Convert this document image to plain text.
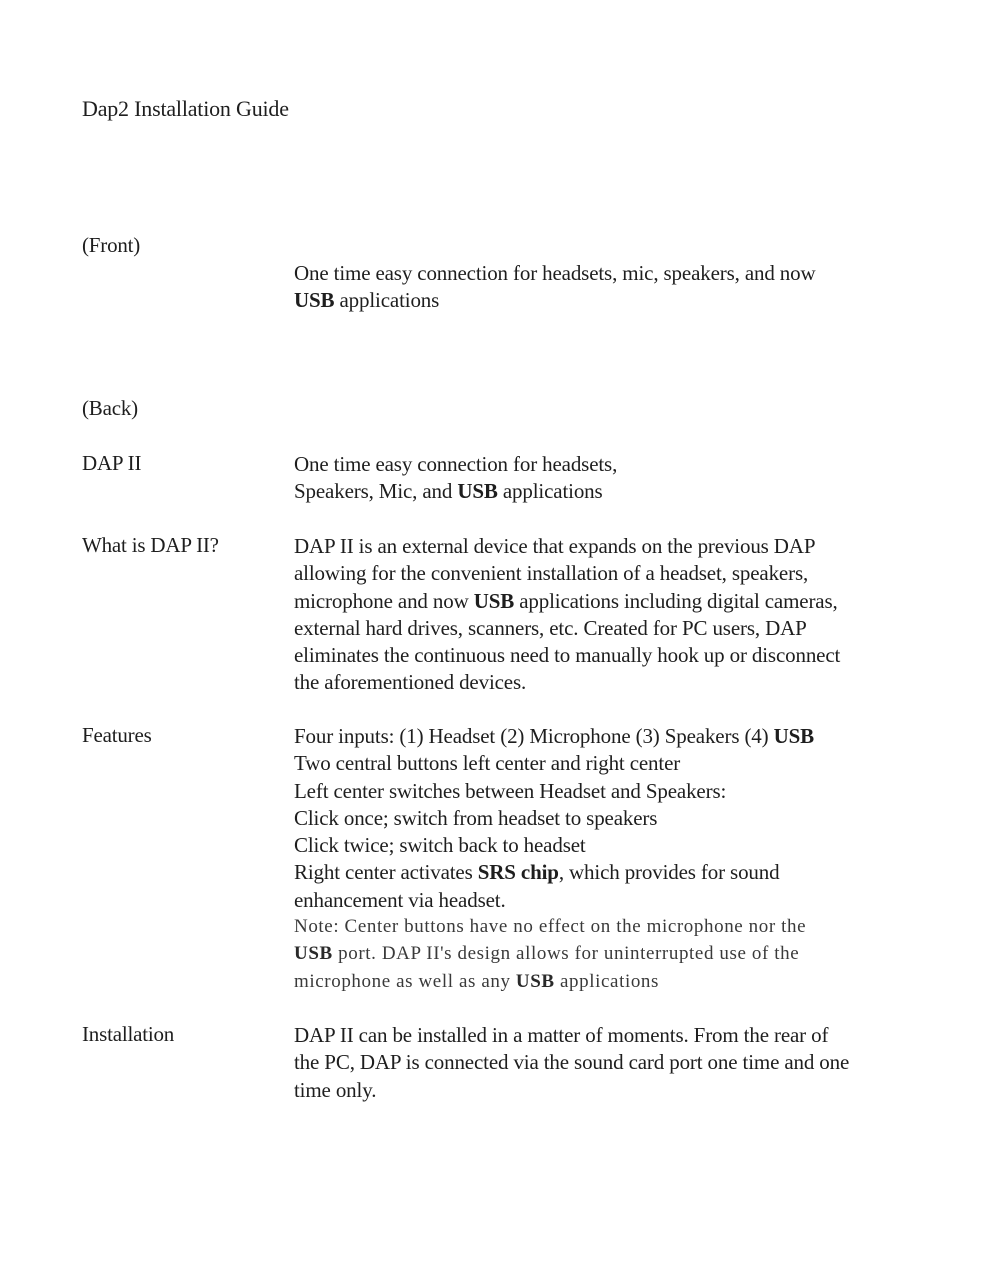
Dap2 Installation Guide
(Front)
One time easy connection for headsets, mic, speakers, and now
USB applications
(Back)
DAP II	One time easy connection for headsets,
Speakers, Mic, and USB applications
What is DAP II?	DAP II is an external device that expands on the previous DAP
allowing for the convenient installation of a headset, speakers,
microphone and now USB applications including digital cameras,
external hard drives, scanners, etc. Created for PC users, DAP
eliminates the continuous need to manually hook up or disconnect
the aforementioned devices.
Features	Four inputs: (1) Headset (2) Microphone (3) Speakers (4) USB
Two central buttons left center and right center
Left center switches between Headset and Speakers:
Click once; switch from headset to speakers
Click twice; switch back to headset
Right center activates SRS chip, which provides for sound
enhancement via headset.
Note: Center buttons have no effect on the microphone nor the
USB port. DAP II's design allows for uninterrupted use of the
microphone as well as any USB applications
Installation	DAP II can be installed in a matter of moments. From the rear of
the PC, DAP is connected via the sound card port one time and one
time only.
